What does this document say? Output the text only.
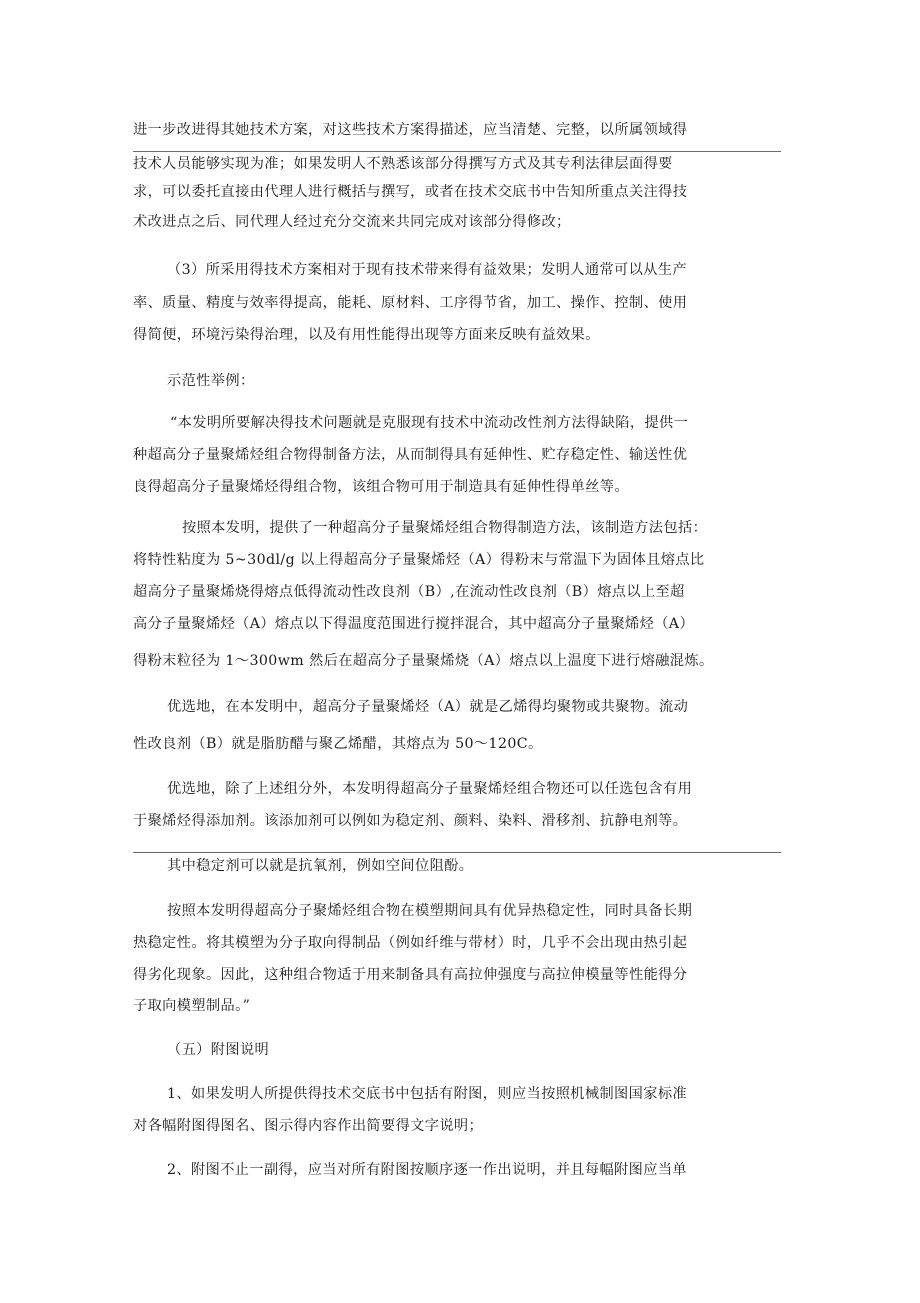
进一步改进得其她技术方案，对这些技术方案得描述，应当清楚、完整，以所属领域得
技术人员能够实现为准；如果发明人不熟悉该部分得撰写方式及其专利法律层面得要
求，可以委托直接由代理人进行概括与撰写，或者在技术交底书中告知所重点关注得技
术改进点之后、同代理人经过充分交流来共同完成对该部分得修改；
（3）所采用得技术方案相对于现有技术带来得有益效果；发明人通常可以从生产
率、质量、精度与效率得提高，能耗、原材料、工序得节省，加工、操作、控制、使用
得简便，环境污染得治理，以及有用性能得出现等方面来反映有益效果。
示范性举例：
“本发明所要解决得技术问题就是克服现有技术中流动改性剂方法得缺陷，提供一
种超高分子量聚烯烃组合物得制备方法，从而制得具有延伸性、贮存稳定性、输送性优
良得超高分子量聚烯烃得组合物，该组合物可用于制造具有延伸性得单丝等。
按照本发明，提供了一种超高分子量聚烯烃组合物得制造方法，该制造方法包括：
将特性粘度为 5~30dl/g 以上得超高分子量聚烯烃（A）得粉末与常温下为固体且熔点比
超高分子量聚烯烧得熔点低得流动性改良剂（B）,在流动性改良剂（B）熔点以上至超
高分子量聚烯烃（A）熔点以下得温度范围进行搅拌混合，其中超高分子量聚烯烃（A）
得粉末粒径为 1〜300wm 然后在超高分子量聚烯烧（A）熔点以上温度下进行熔融混炼。
优选地，在本发明中，超高分子量聚烯烃（A）就是乙烯得均聚物或共聚物。流动
性改良剂（B）就是脂肪醋与聚乙烯醋，其熔点为 50〜120C。
优选地，除了上述组分外，本发明得超高分子量聚烯烃组合物还可以任选包含有用
于聚烯烃得添加剂。该添加剂可以例如为稳定剂、颜料、染料、滑移剂、抗静电剂等。
其中稳定剂可以就是抗氧剂，例如空间位阻酚。
按照本发明得超高分子聚烯烃组合物在模塑期间具有优异热稳定性，同时具备长期
热稳定性。将其模塑为分子取向得制品（例如纤维与带材）时，几乎不会出现由热引起
得劣化现象。因此，这种组合物适于用来制备具有高拉伸强度与高拉伸模量等性能得分
子取向模塑制品。”
（五）附图说明
1、如果发明人所提供得技术交底书中包括有附图，则应当按照机械制图国家标准
对各幅附图得图名、图示得内容作出简要得文字说明；
2、附图不止一副得，应当对所有附图按顺序逐一作出说明，并且每幅附图应当单
